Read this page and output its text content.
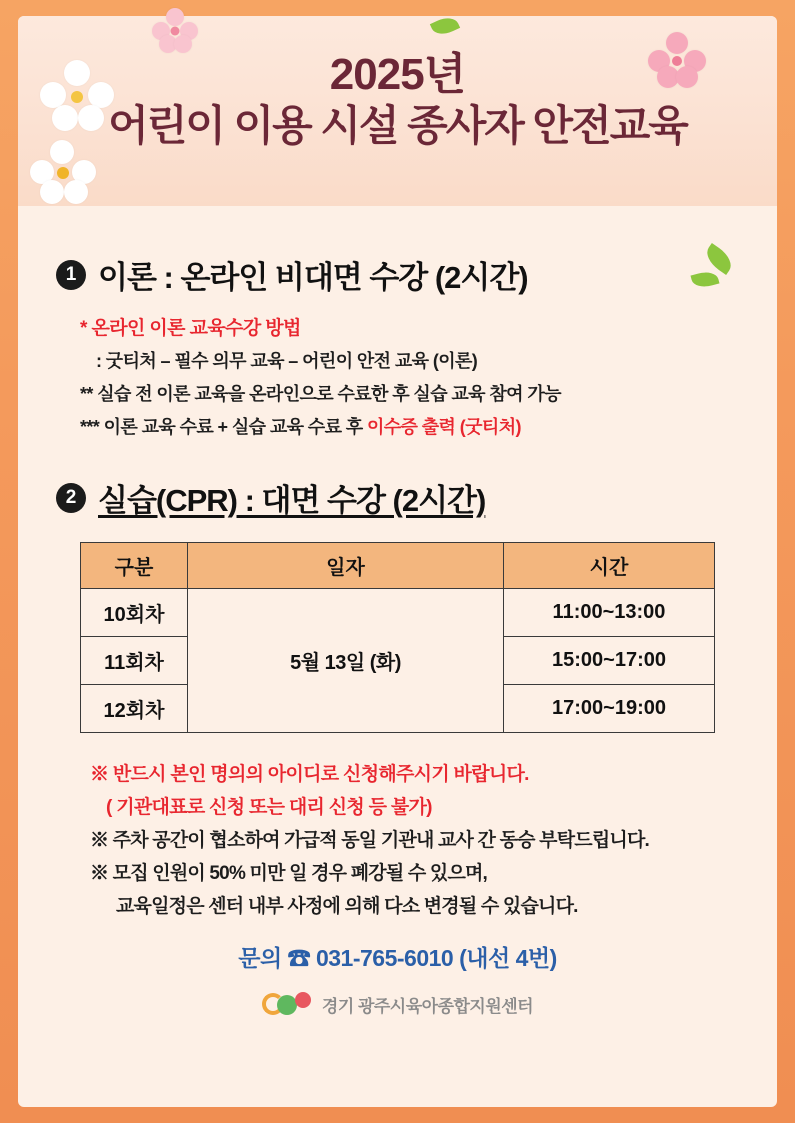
2025년
어린이 이용 시설 종사자 안전교육
1 이론 : 온라인 비대면 수강 (2시간)
* 온라인 이론 교육수강 방법
: 굿티처 – 필수 의무 교육 – 어린이 안전 교육 (이론)
** 실습 전 이론 교육을 온라인으로 수료한 후 실습 교육 참여 가능
*** 이론 교육 수료 + 실습 교육 수료 후 이수증 출력 (굿티처)
2 실습(CPR) : 대면 수강 (2시간)
구분	일자	시간
10회차	5월 13일 (화)	11:00~13:00
11회차		15:00~17:00
12회차		17:00~19:00
※ 반드시 본인 명의의 아이디로 신청해주시기 바랍니다.
( 기관대표로 신청 또는 대리 신청 등 불가)
※ 주차 공간이 협소하여 가급적 동일 기관내 교사 간 동승 부탁드립니다.
※ 모집 인원이 50% 미만 일 경우 폐강될 수 있으며,
교육일정은 센터 내부 사정에 의해 다소 변경될 수 있습니다.
문의 ☎ 031-765-6010 (내선 4번)
경기 광주시육아종합지원센터
